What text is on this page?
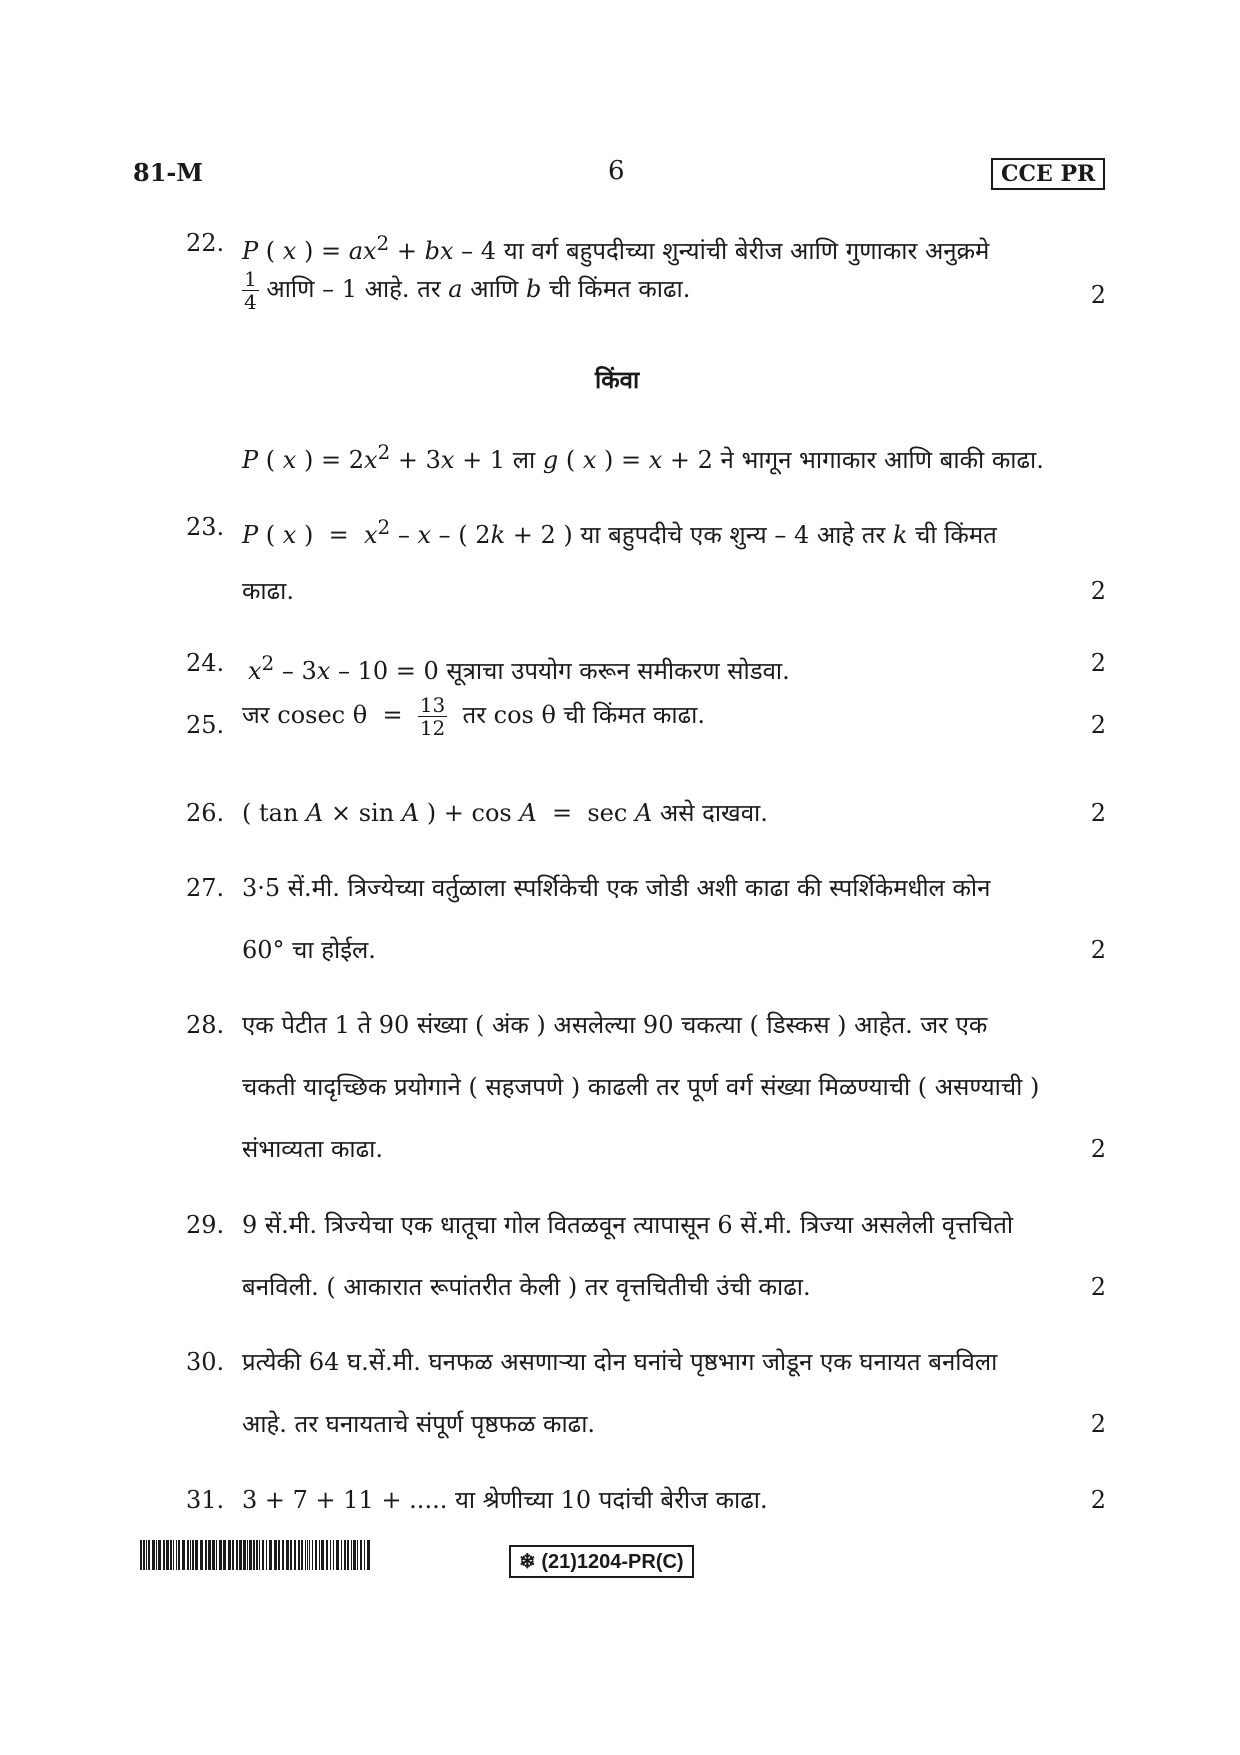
81-M	6	CCE PR
22. P ( x ) = $ax^2$ + bx – 4 या वर्ग बहुपदीच्या शुन्यांची बेरीज आणि गुणाकार अनुक्रमे
$\frac{1}{4}$ आणि – 1 आहे. तर a आणि b ची किंमत काढा.	2
किंवा
P ( x ) = $2x^2 + 3x + 1$ ला g ( x ) = x + 2 ने भागून भागाकार आणि बाकी काढा.
23. P ( x )  =  $x^2$ – x – ( 2k + 2 ) या बहुपदीचे एक शुन्य – 4 आहे तर k ची किंमत
काढा.	2
24. $x^2 - 3x - 10 = 0$ सूत्राचा उपयोग करून समीकरण सोडवा.	2
25. जर cosec $\theta = \frac{13}{12}$ तर cos θ ची किंमत काढा.	2
26. ( tan A × sin A ) + cos A  =  sec A असे दाखवा.	2
27. 3·5 सें.मी. त्रिज्येच्या वर्तुळाला स्पर्शिकेची एक जोडी अशी काढा की स्पर्शिकेमधील कोन
60° चा होईल.	2
28. एक पेटीत 1 ते 90 संख्या ( अंक ) असलेल्या 90 चकत्या ( डिस्कस ) आहेत. जर एक
चकती यादृच्छिक प्रयोगाने ( सहजपणे ) काढली तर पूर्ण वर्ग संख्या मिळण्याची ( असण्याची )
संभाव्यता काढा.	2
29. 9 सें.मी. त्रिज्येचा एक धातूचा गोल वितळवून त्यापासून 6 सें.मी. त्रिज्या असलेली वृत्तचितो
बनविली. ( आकारात रूपांतरीत केली ) तर वृत्तचितीची उंची काढा.	2
30. प्रत्येकी 64 घ.सें.मी. घनफळ असणाऱ्या दोन घनांचे पृष्ठभाग जोडून एक घनायत बनविला
आहे. तर घनायताचे संपूर्ण पृष्ठफळ काढा.	2
31. 3 + 7 + 11 + ..... या श्रेणीच्या 10 पदांची बेरीज काढा.	2
❄ (21)1204-PR(C)
